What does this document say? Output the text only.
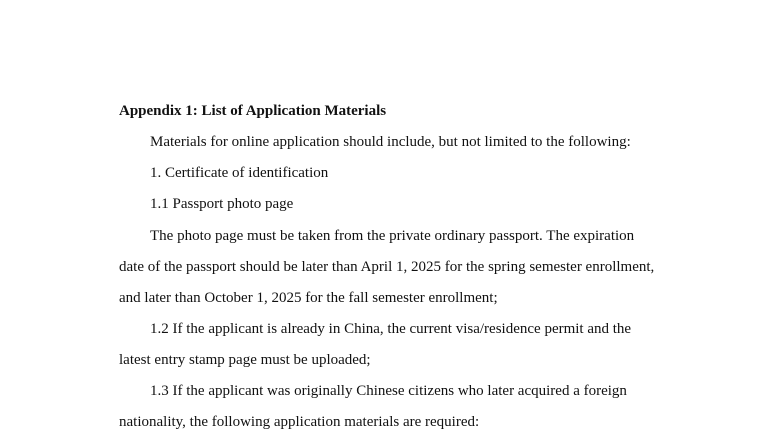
Appendix 1: List of Application Materials
Materials for online application should include, but not limited to the following:
1. Certificate of identification
1.1 Passport photo page
The photo page must be taken from the private ordinary passport. The expiration
date of the passport should be later than April 1, 2025 for the spring semester enrollment,
and later than October 1, 2025 for the fall semester enrollment;
1.2 If the applicant is already in China, the current visa/residence permit and the
latest entry stamp page must be uploaded;
1.3 If the applicant was originally Chinese citizens who later acquired a foreign
nationality, the following application materials are required:
